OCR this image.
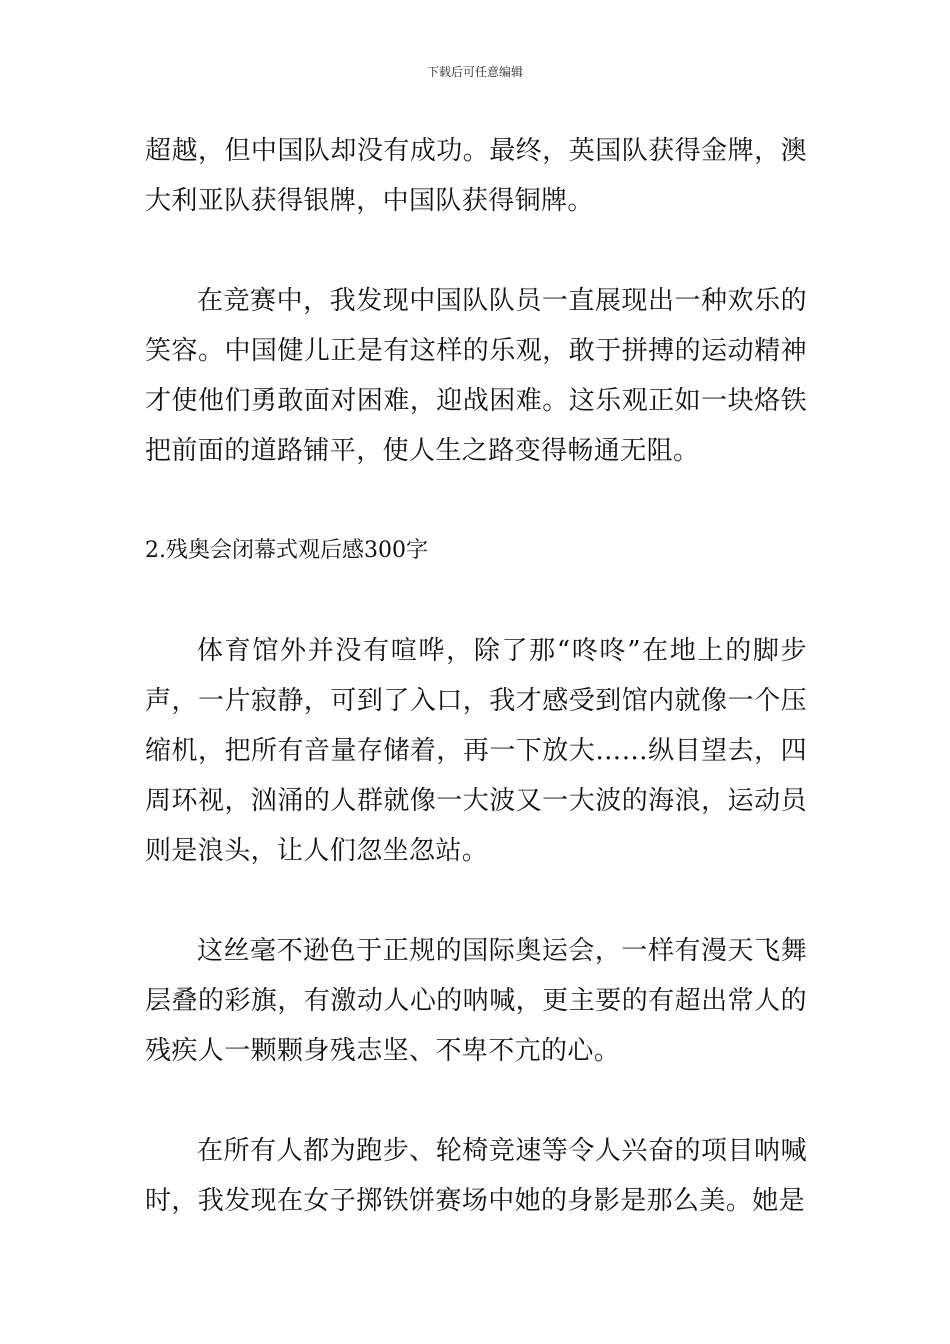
下载后可任意编辑

超越，但中国队却没有成功。最终，英国队获得金牌，澳大利亚队获得银牌，中国队获得铜牌。

在竞赛中，我发现中国队队员一直展现出一种欢乐的笑容。中国健儿正是有这样的乐观，敢于拼搏的运动精神才使他们勇敢面对困难，迎战困难。这乐观正如一块烙铁把前面的道路铺平，使人生之路变得畅通无阻。

2.残奥会闭幕式观后感300字

体育馆外并没有喧哗，除了那“咚咚”在地上的脚步声，一片寂静，可到了入口，我才感受到馆内就像一个压缩机，把所有音量存储着，再一下放大……纵目望去，四周环视，汹涌的人群就像一大波又一大波的海浪，运动员则是浪头，让人们忽坐忽站。

这丝毫不逊色于正规的国际奥运会，一样有漫天飞舞层叠的彩旗，有激动人心的呐喊，更主要的有超出常人的残疾人一颗颗身残志坚、不卑不亢的心。

在所有人都为跑步、轮椅竞速等令人兴奋的项目呐喊时，我发现在女子掷铁饼赛场中她的身影是那么美。她是
